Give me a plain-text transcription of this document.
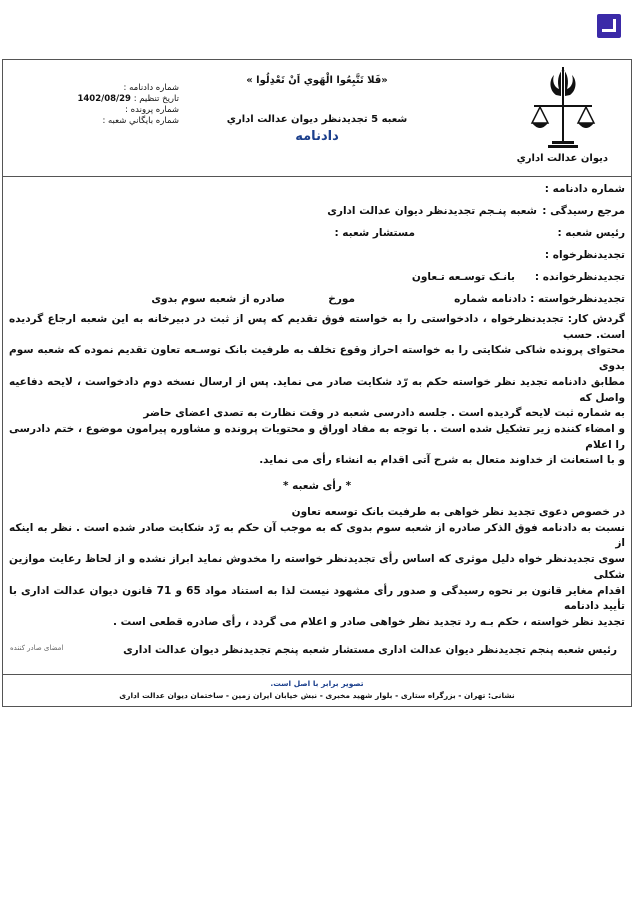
ديوان عدالت اداري
«فَلا تَتَّبِعُوا الْهَوي اَنْ تَعْدِلُوا »
شعبه 5 تجديدنظر ديوان عدالت اداري
دادنامه
شماره دادنامه :
تاريخ تنظيم : 1402/08/29
شماره پرونده :
شماره بايگاني شعبه :
شماره دادنامه :
مرجع رسيدگی :
شعبه پنـجم تجديدنظر ديوان عدالت اداری
رئيس شعبه :
مستشار شعبه :
تجديدنظرخواه :
تجديدنظرخوانده :
بانـک توسـعه تـعاون
تجديدنظرخواسته : دادنامه شماره
مورخ
صادره از شعبه سوم بدوی

گردش كار: تجديدنظرخواه ، دادخواستی را به خواسته فوق تقديم كه پس از ثبت در دبيرخانه به اين شعبه ارجاع گرديده است. حسب

محتوای پرونده شاكی شكايتی را به خواسته احراز وقوع تخلف به طرفيت بانک توسـعه تعاون تقديم نموده كه شعبه سوم بدوی

مطابق دادنامه تجديد نظر خواسته حكم به رّد شكايت صادر می نمايد. پس از ارسال نسخه دوم دادخواست ، لايحه دفاعيه واصل كه

به شماره ثبت لايحه گرديده است . جلسه دادرسی شعبه در وقت نظارت به تصدی اعضای حاضر

و امضاء كننده زير تشكيل شده است . با توجه به مفاد اوراق و محتويات پرونده و مشاوره پيرامون موضوع ، ختم دادرسی را اعلام

و با استعانت از خداوند متعال به شرح آتی اقدام به انشاء رأی می نمايد.

* رأی شعبه *

در خصوص دعوی تجديد نظر خواهی به طرفيت بانک توسعه تعاون

نسبت به دادنامه فوق الذكر صادره از شعبه سوم بدوی كه به موجب آن حكم به رّد شكايت صادر شده است . نظر به اينكه از

سوی تجديدنظر خواه دليل موثری كه اساس رأی تجديدنظر خواسته را مخدوش نمايد ابراز نشده و از لحاظ رعايت موازين شكلی

اقدام مغاير قانون بر نحوه رسيدگی و صدور رأی مشهود نيست لذا به استناد مواد 65 و 71 قانون ديوان عدالت اداری با تأييد دادنامه

تجديد نظر خواسته ، حكم بـه رد تجديد نظر خواهی صادر و اعلام می گردد ، رأی صادره قطعی است .

رئيس شعبه پنجم تجديدنظر ديوان عدالت اداری
مستشار شعبه پنجم تجديدنظر ديوان عدالت اداری
امضای صادر کننده
تصوير برابر با اصل است.
نشانی: تهران - بزرگراه ستاری - بلوار شهيد مخبری - نبش خيابان ايران زمين - ساختمان ديوان عدالت اداری
